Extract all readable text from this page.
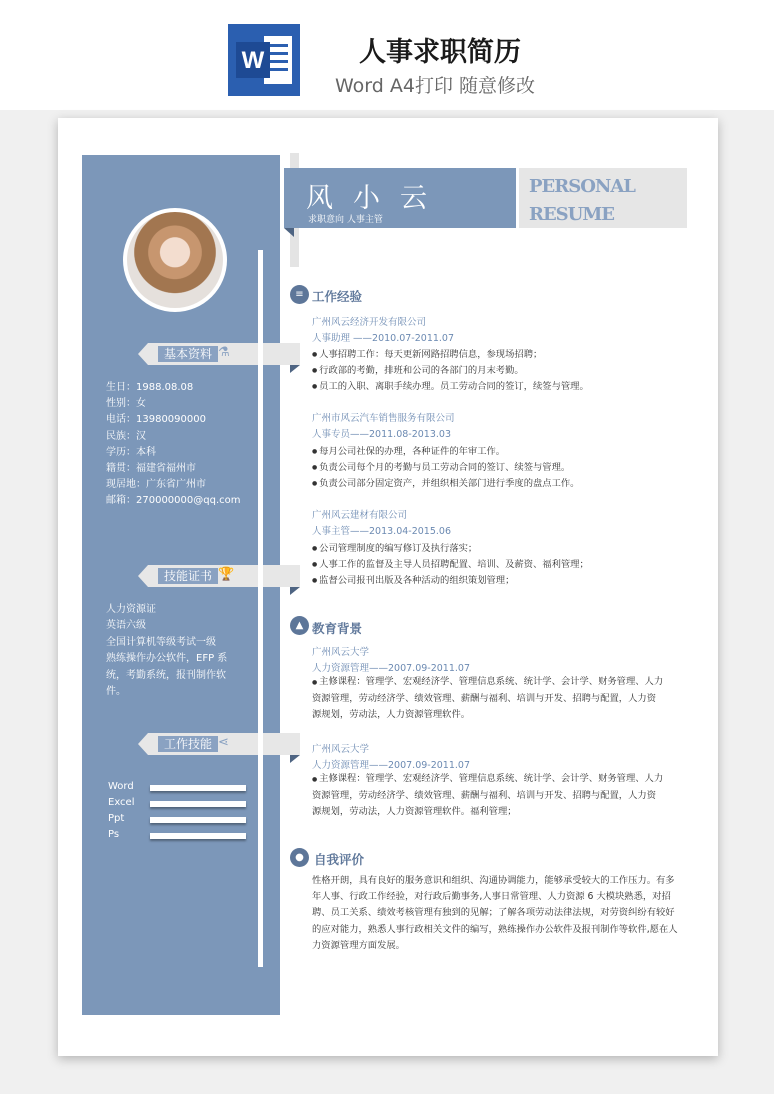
W	人事求职简历
Word A4打印 随意修改
基本资料 ⚗
生日：1988.08.08
性别：女
电话：13980090000
民族：汉
学历：本科
籍贯：福建省福州市
现居地：广东省广州市
邮箱：270000000@qq.com
技能证书 🏆
人力资源证
英语六级
全国计算机等级考试一级
熟练操作办公软件，EFP 系统，考勤系统，报刊制作软件。
工作技能 ⋖
Word
Excel
Ppt
Ps
风小云
求职意向 人事主管
PERSONAL
RESUME
≡ 工作经验
广州风云经济开发有限公司
人事助理 ——2010.07-2011.07
● 人事招聘工作：每天更新网路招聘信息，参现场招聘；
● 行政部的考勤，排班和公司的各部门的月末考勤。
● 员工的入职、离职手续办理。员工劳动合同的签订，续签与管理。
广州市风云汽车销售服务有限公司
人事专员——2011.08-2013.03
● 每月公司社保的办理，各种证件的年审工作。
● 负责公司每个月的考勤与员工劳动合同的签订、续签与管理。
● 负责公司部分固定资产，并组织相关部门进行季度的盘点工作。
广州风云建材有限公司
人事主管——2013.04-2015.06
● 公司管理制度的编写修订及执行落实；
● 人事工作的监督及主导人员招聘配置、培训、及薪资、福利管理；
● 监督公司报刊出版及各种活动的组织策划管理；
▲ 教育背景
广州风云大学
人力资源管理——2007.09-2011.07
● 主修课程：管理学、宏观经济学、管理信息系统、统计学、会计学、财务管理、人力资源管理，劳动经济学、绩效管理、薪酬与福利、培训与开发、招聘与配置，人力资源规划，劳动法，人力资源管理软件。
广州风云大学
人力资源管理——2007.09-2011.07
● 主修课程：管理学、宏观经济学、管理信息系统、统计学、会计学、财务管理、人力资源管理，劳动经济学、绩效管理、薪酬与福利、培训与开发、招聘与配置，人力资源规划，劳动法，人力资源管理软件。福利管理；
● 自我评价
性格开朗，具有良好的服务意识和组织、沟通协调能力，能够承受较大的工作压力。有多年人事、行政工作经验，对行政后勤事务,人事日常管理、人力资源 6 大模块熟悉，对招聘、员工关系、绩效考核管理有独到的见解；了解各项劳动法律法规，对劳资纠纷有较好的应对能力，熟悉人事行政相关文件的编写，熟练操作办公软件及报刊制作等软件,愿在人力资源管理方面发展。
